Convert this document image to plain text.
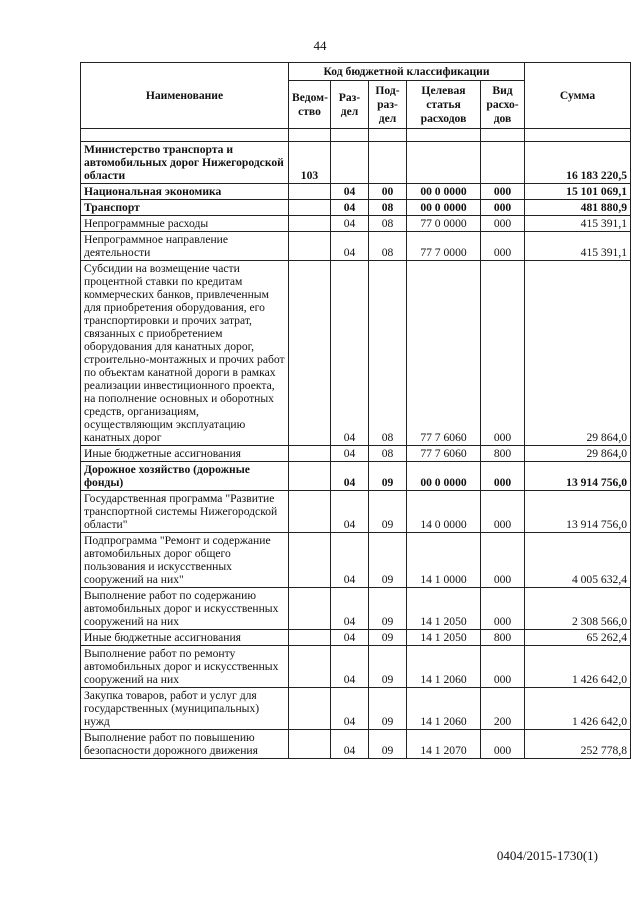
44
Наименование	Код бюджетной классификации					Сумма
	Ведом-ство	Раз-дел	Под-раз-дел	Целевая статья расходов	Вид расхо-дов	

Министерство транспорта и автомобильных дорог Нижегородской области	103					16 183 220,5
Национальная экономика		04	00	00 0 0000	000	15 101 069,1
Транспорт		04	08	00 0 0000	000	481 880,9
Непрограммные расходы		04	08	77 0 0000	000	415 391,1
Непрограммное направление деятельности		04	08	77 7 0000	000	415 391,1
Субсидии на возмещение части процентной ставки по кредитам коммерческих банков, привлеченным для приобретения оборудования, его транспортировки и прочих затрат, связанных с приобретением оборудования для канатных дорог, строительно-монтажных и прочих работ по объектам канатной дороги в рамках реализации инвестиционного проекта, на пополнение основных и оборотных средств, организациям, осуществляющим эксплуатацию канатных дорог		04	08	77 7 6060	000	29 864,0
Иные бюджетные ассигнования		04	08	77 7 6060	800	29 864,0
Дорожное хозяйство (дорожные фонды)		04	09	00 0 0000	000	13 914 756,0
Государственная программа "Развитие транспортной системы Нижегородской области"		04	09	14 0 0000	000	13 914 756,0
Подпрограмма "Ремонт и содержание автомобильных дорог общего пользования и искусственных сооружений на них"		04	09	14 1 0000	000	4 005 632,4
Выполнение работ по содержанию автомобильных дорог и искусственных сооружений на них		04	09	14 1 2050	000	2 308 566,0
Иные бюджетные ассигнования		04	09	14 1 2050	800	65 262,4
Выполнение работ по ремонту автомобильных дорог и искусственных сооружений на них		04	09	14 1 2060	000	1 426 642,0
Закупка товаров, работ и услуг для государственных (муниципальных) нужд		04	09	14 1 2060	200	1 426 642,0
Выполнение работ по повышению безопасности дорожного движения		04	09	14 1 2070	000	252 778,8
0404/2015-1730(1)
